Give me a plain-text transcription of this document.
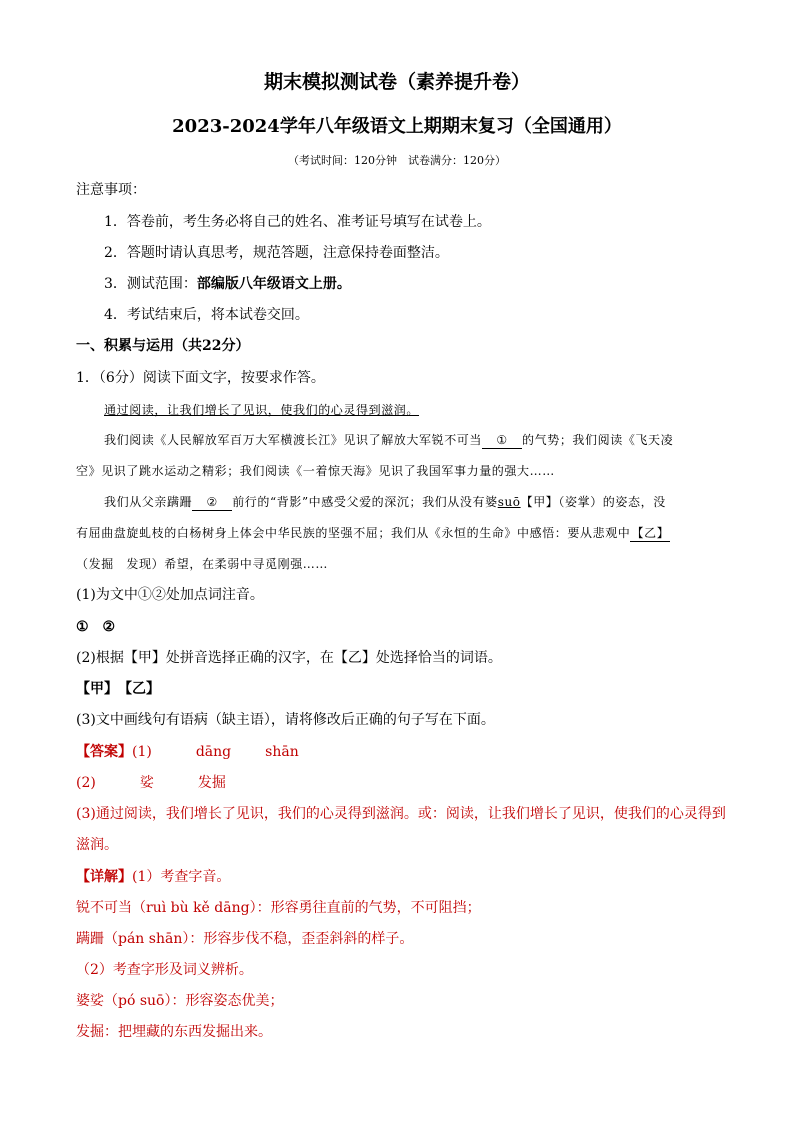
期末模拟测试卷（素养提升卷）
2023-2024学年八年级语文上期期末复习（全国通用）
（考试时间：120分钟　试卷满分：120分）
注意事项：
1．答卷前，考生务必将自己的姓名、准考证号填写在试卷上。
2．答题时请认真思考，规范答题，注意保持卷面整洁。
3．测试范围：部编版八年级语文上册。
4．考试结束后，将本试卷交回。
一、积累与运用（共22分）
1．（6分）阅读下面文字，按要求作答。
通过阅读，让我们增长了见识，使我们的心灵得到滋润。
我们阅读《人民解放军百万大军横渡长江》见识了解放大军锐不可当 ① 的气势；我们阅读《飞天凌
空》见识了跳水运动之精彩；我们阅读《一着惊天海》见识了我国军事力量的强大……
我们从父亲蹒跚 ② 前行的“背影”中感受父爱的深沉；我们从没有婆suō【甲】（姿掌）的姿态，没
有屈曲盘旋虬枝的白杨树身上体会中华民族的坚强不屈；我们从《永恒的生命》中感悟：要从悲观中【乙】
（发掘　发现）希望，在柔弱中寻觅刚强……
(1)为文中①②处加点词注音。
①　②
(2)根据【甲】处拼音选择正确的汉字，在【乙】处选择恰当的词语。
【甲】　【乙】
(3)文中画线句有语病（缺主语），请将修改后正确的句子写在下面。
【答案】(1)	dāng shān
(2)	娑	发掘
(3)通过阅读，我们增长了见识，我们的心灵得到滋润。或：阅读，让我们增长了见识，使我们的心灵得到
滋润。
【详解】(1）考查字音。
锐不可当（ruì bù kě dāng）：形容勇往直前的气势，不可阻挡；
蹒跚（pán shān）：形容步伐不稳，歪歪斜斜的样子。
（2）考查字形及词义辨析。
婆娑（pó suō）：形容姿态优美；
发掘：把埋藏的东西发掘出来。
